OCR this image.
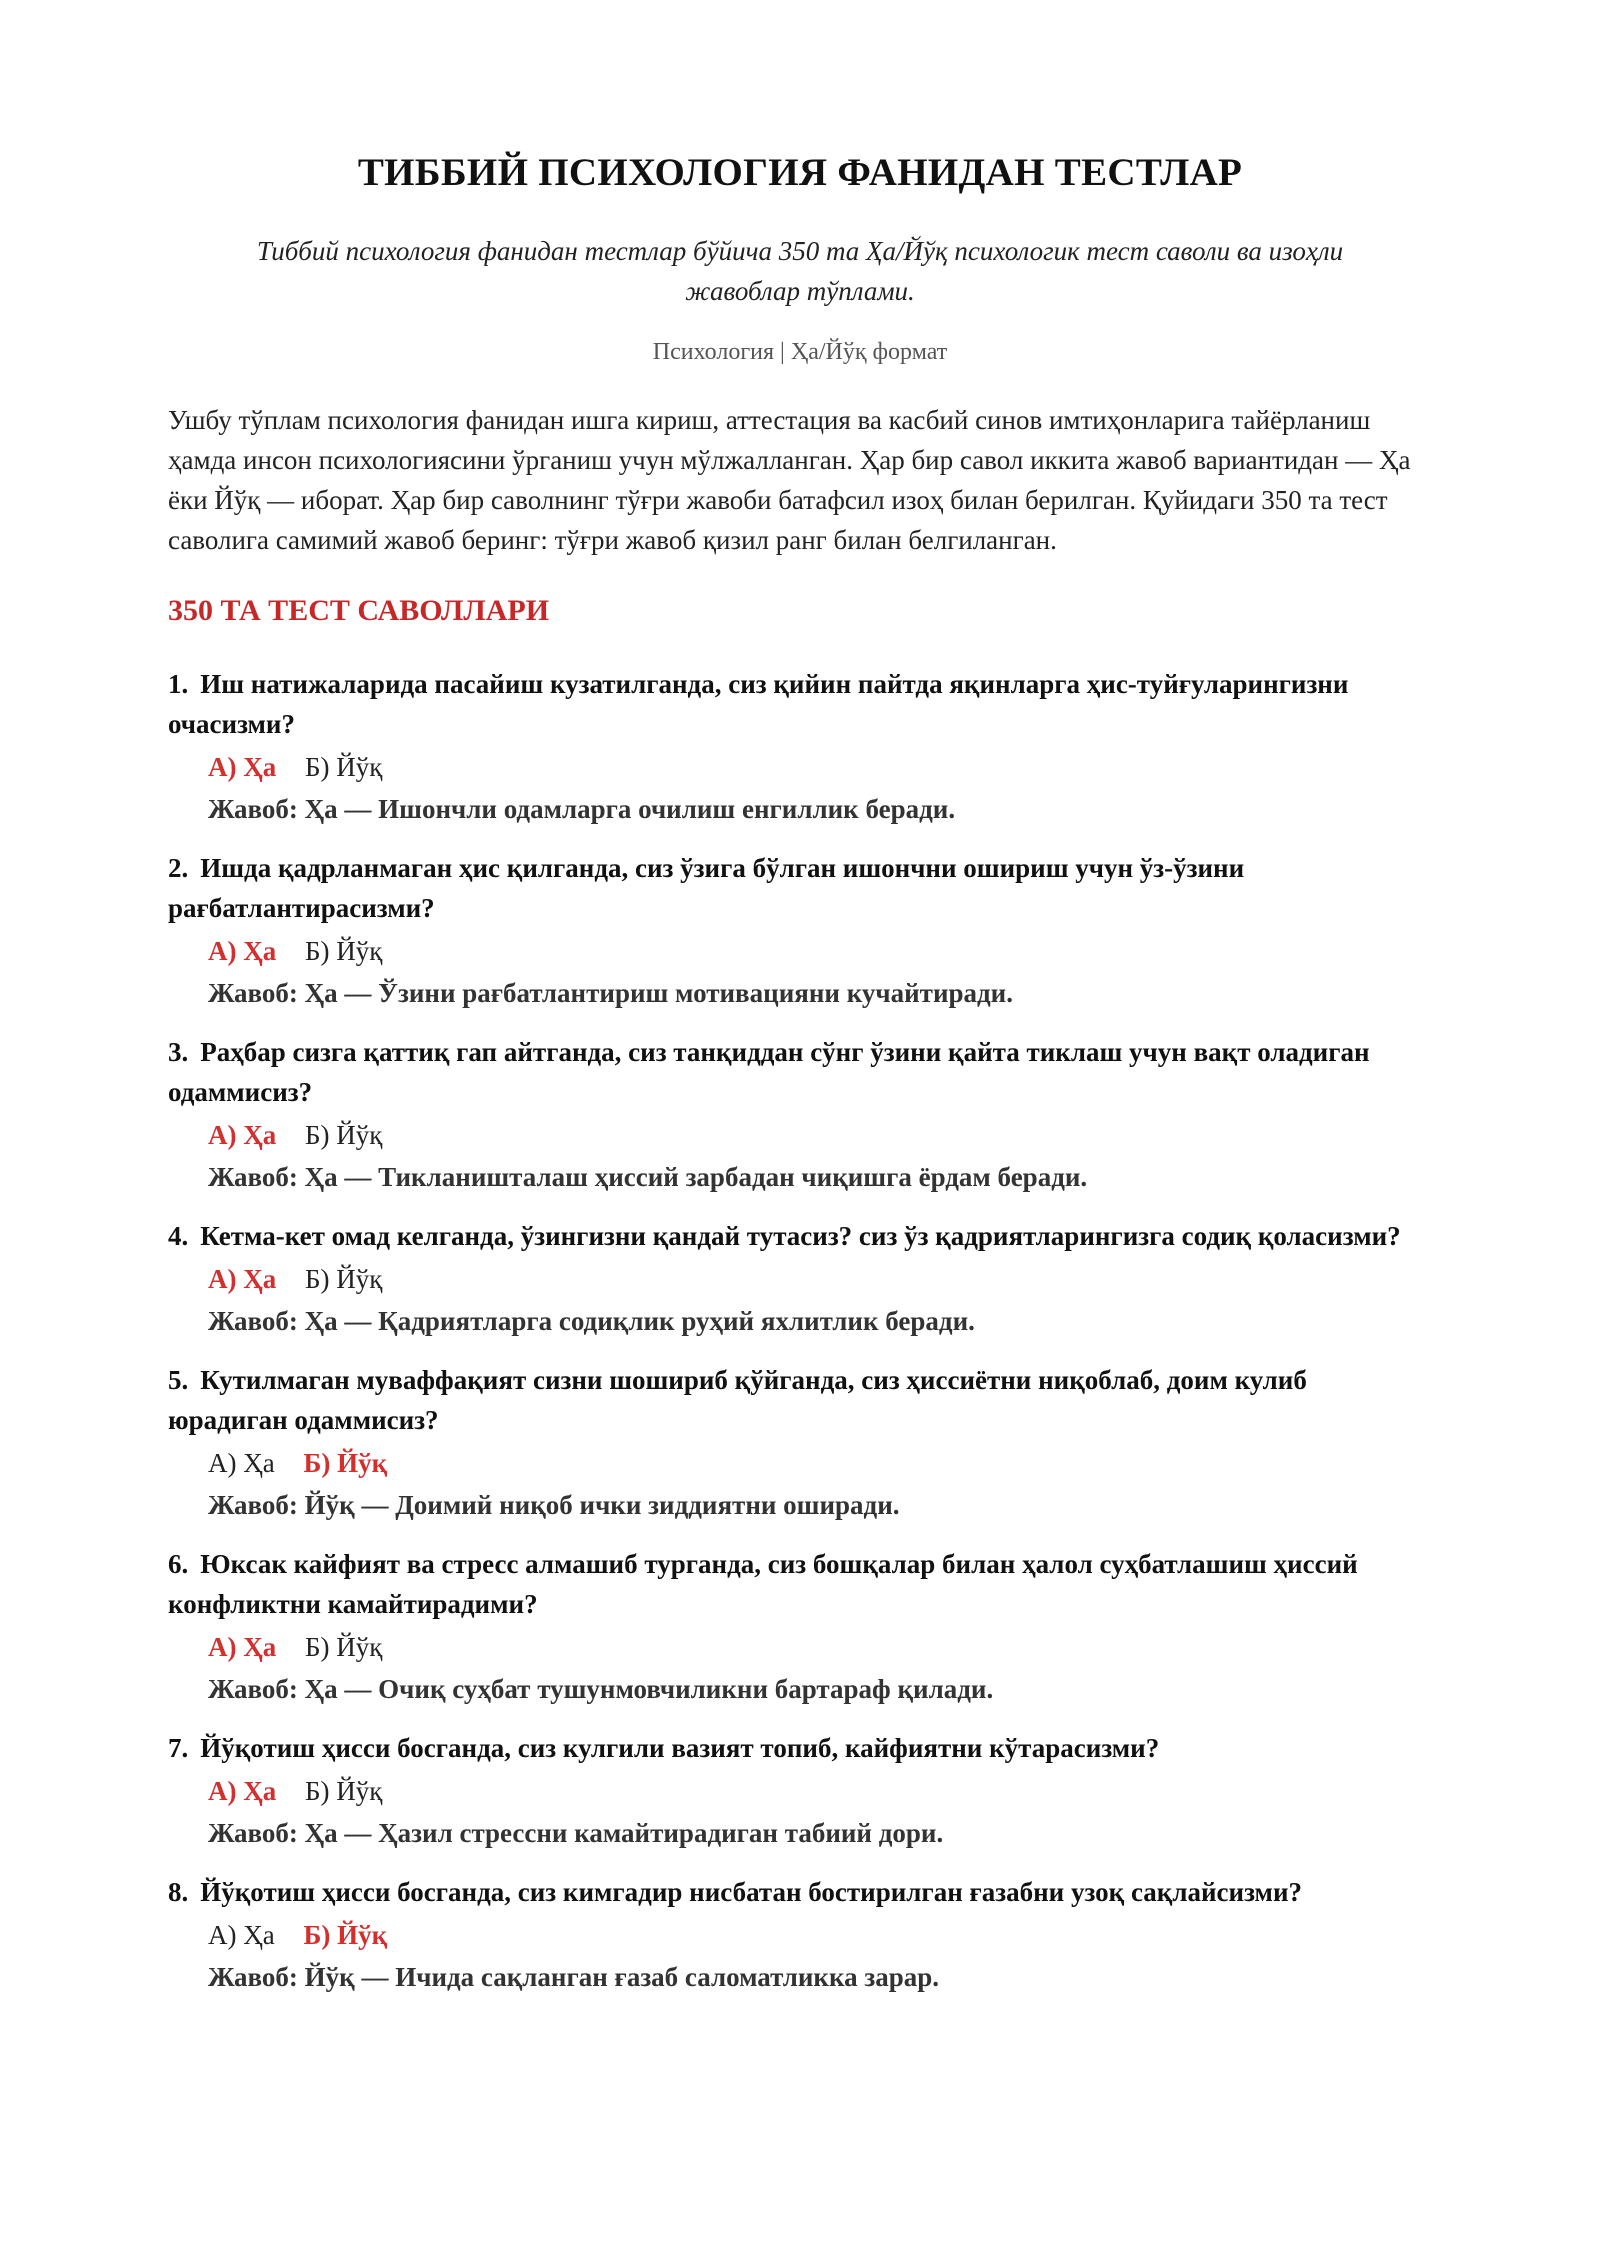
ТИББИЙ ПСИХОЛОГИЯ ФАНИДАН ТЕСТЛАР
Тиббий психология фанидан тестлар бўйича 350 та Ҳа/Йўқ психологик тест саволи ва изоҳли жавоблар тўплами.
Психология | Ҳа/Йўқ формат

Ушбу тўплам психология фанидан ишга кириш, аттестация ва касбий синов имтиҳонларига тайёрланиш ҳамда инсон психологиясини ўрганиш учун мўлжалланган. Ҳар бир савол иккита жавоб вариантидан — Ҳа ёки Йўқ — иборат. Ҳар бир саволнинг тўғри жавоби батафсил изоҳ билан берилган. Қуйидаги 350 та тест саволига самимий жавоб беринг: тўғри жавоб қизил ранг билан белгиланган.

350 ТА ТЕСТ САВОЛЛАРИ
1. Иш натижаларида пасайиш кузатилганда, сиз қийин пайтда яқинларга ҳис-туйғуларингизни очасизми?
А) Ҳа Б) Йўқ
Жавоб: Ҳа — Ишончли одамларга очилиш енгиллик беради.
2. Ишда қадрланмаган ҳис қилганда, сиз ўзига бўлган ишончни ошириш учун ўз-ўзини рағбатлантирасизми?
А) Ҳа Б) Йўқ
Жавоб: Ҳа — Ўзини рағбатлантириш мотивацияни кучайтиради.
3. Раҳбар сизга қаттиқ гап айтганда, сиз танқиддан сўнг ўзини қайта тиклаш учун вақт оладиган одаммисиз?
А) Ҳа Б) Йўқ
Жавоб: Ҳа — Тикланишталаш ҳиссий зарбадан чиқишга ёрдам беради.
4. Кетма-кет омад келганда, ўзингизни қандай тутасиз? сиз ўз қадриятларингизга содиқ қоласизми?
А) Ҳа Б) Йўқ
Жавоб: Ҳа — Қадриятларга содиқлик руҳий яхлитлик беради.
5. Кутилмаган муваффақият сизни шошириб қўйганда, сиз ҳиссиётни ниқоблаб, доим кулиб юрадиган одаммисиз?
А) Ҳа Б) Йўқ
Жавоб: Йўқ — Доимий ниқоб ички зиддиятни оширади.
6. Юксак кайфият ва стресс алмашиб турганда, сиз бошқалар билан ҳалол суҳбатлашиш ҳиссий конфликтни камайтирадими?
А) Ҳа Б) Йўқ
Жавоб: Ҳа — Очиқ суҳбат тушунмовчиликни бартараф қилади.
7. Йўқотиш ҳисси босганда, сиз кулгили вазият топиб, кайфиятни кўтарасизми?
А) Ҳа Б) Йўқ
Жавоб: Ҳа — Ҳазил стрессни камайтирадиган табиий дори.
8. Йўқотиш ҳисси босганда, сиз кимгадир нисбатан бостирилган ғазабни узоқ сақлайсизми?
А) Ҳа Б) Йўқ
Жавоб: Йўқ — Ичида сақланган ғазаб саломатликка зарар.
